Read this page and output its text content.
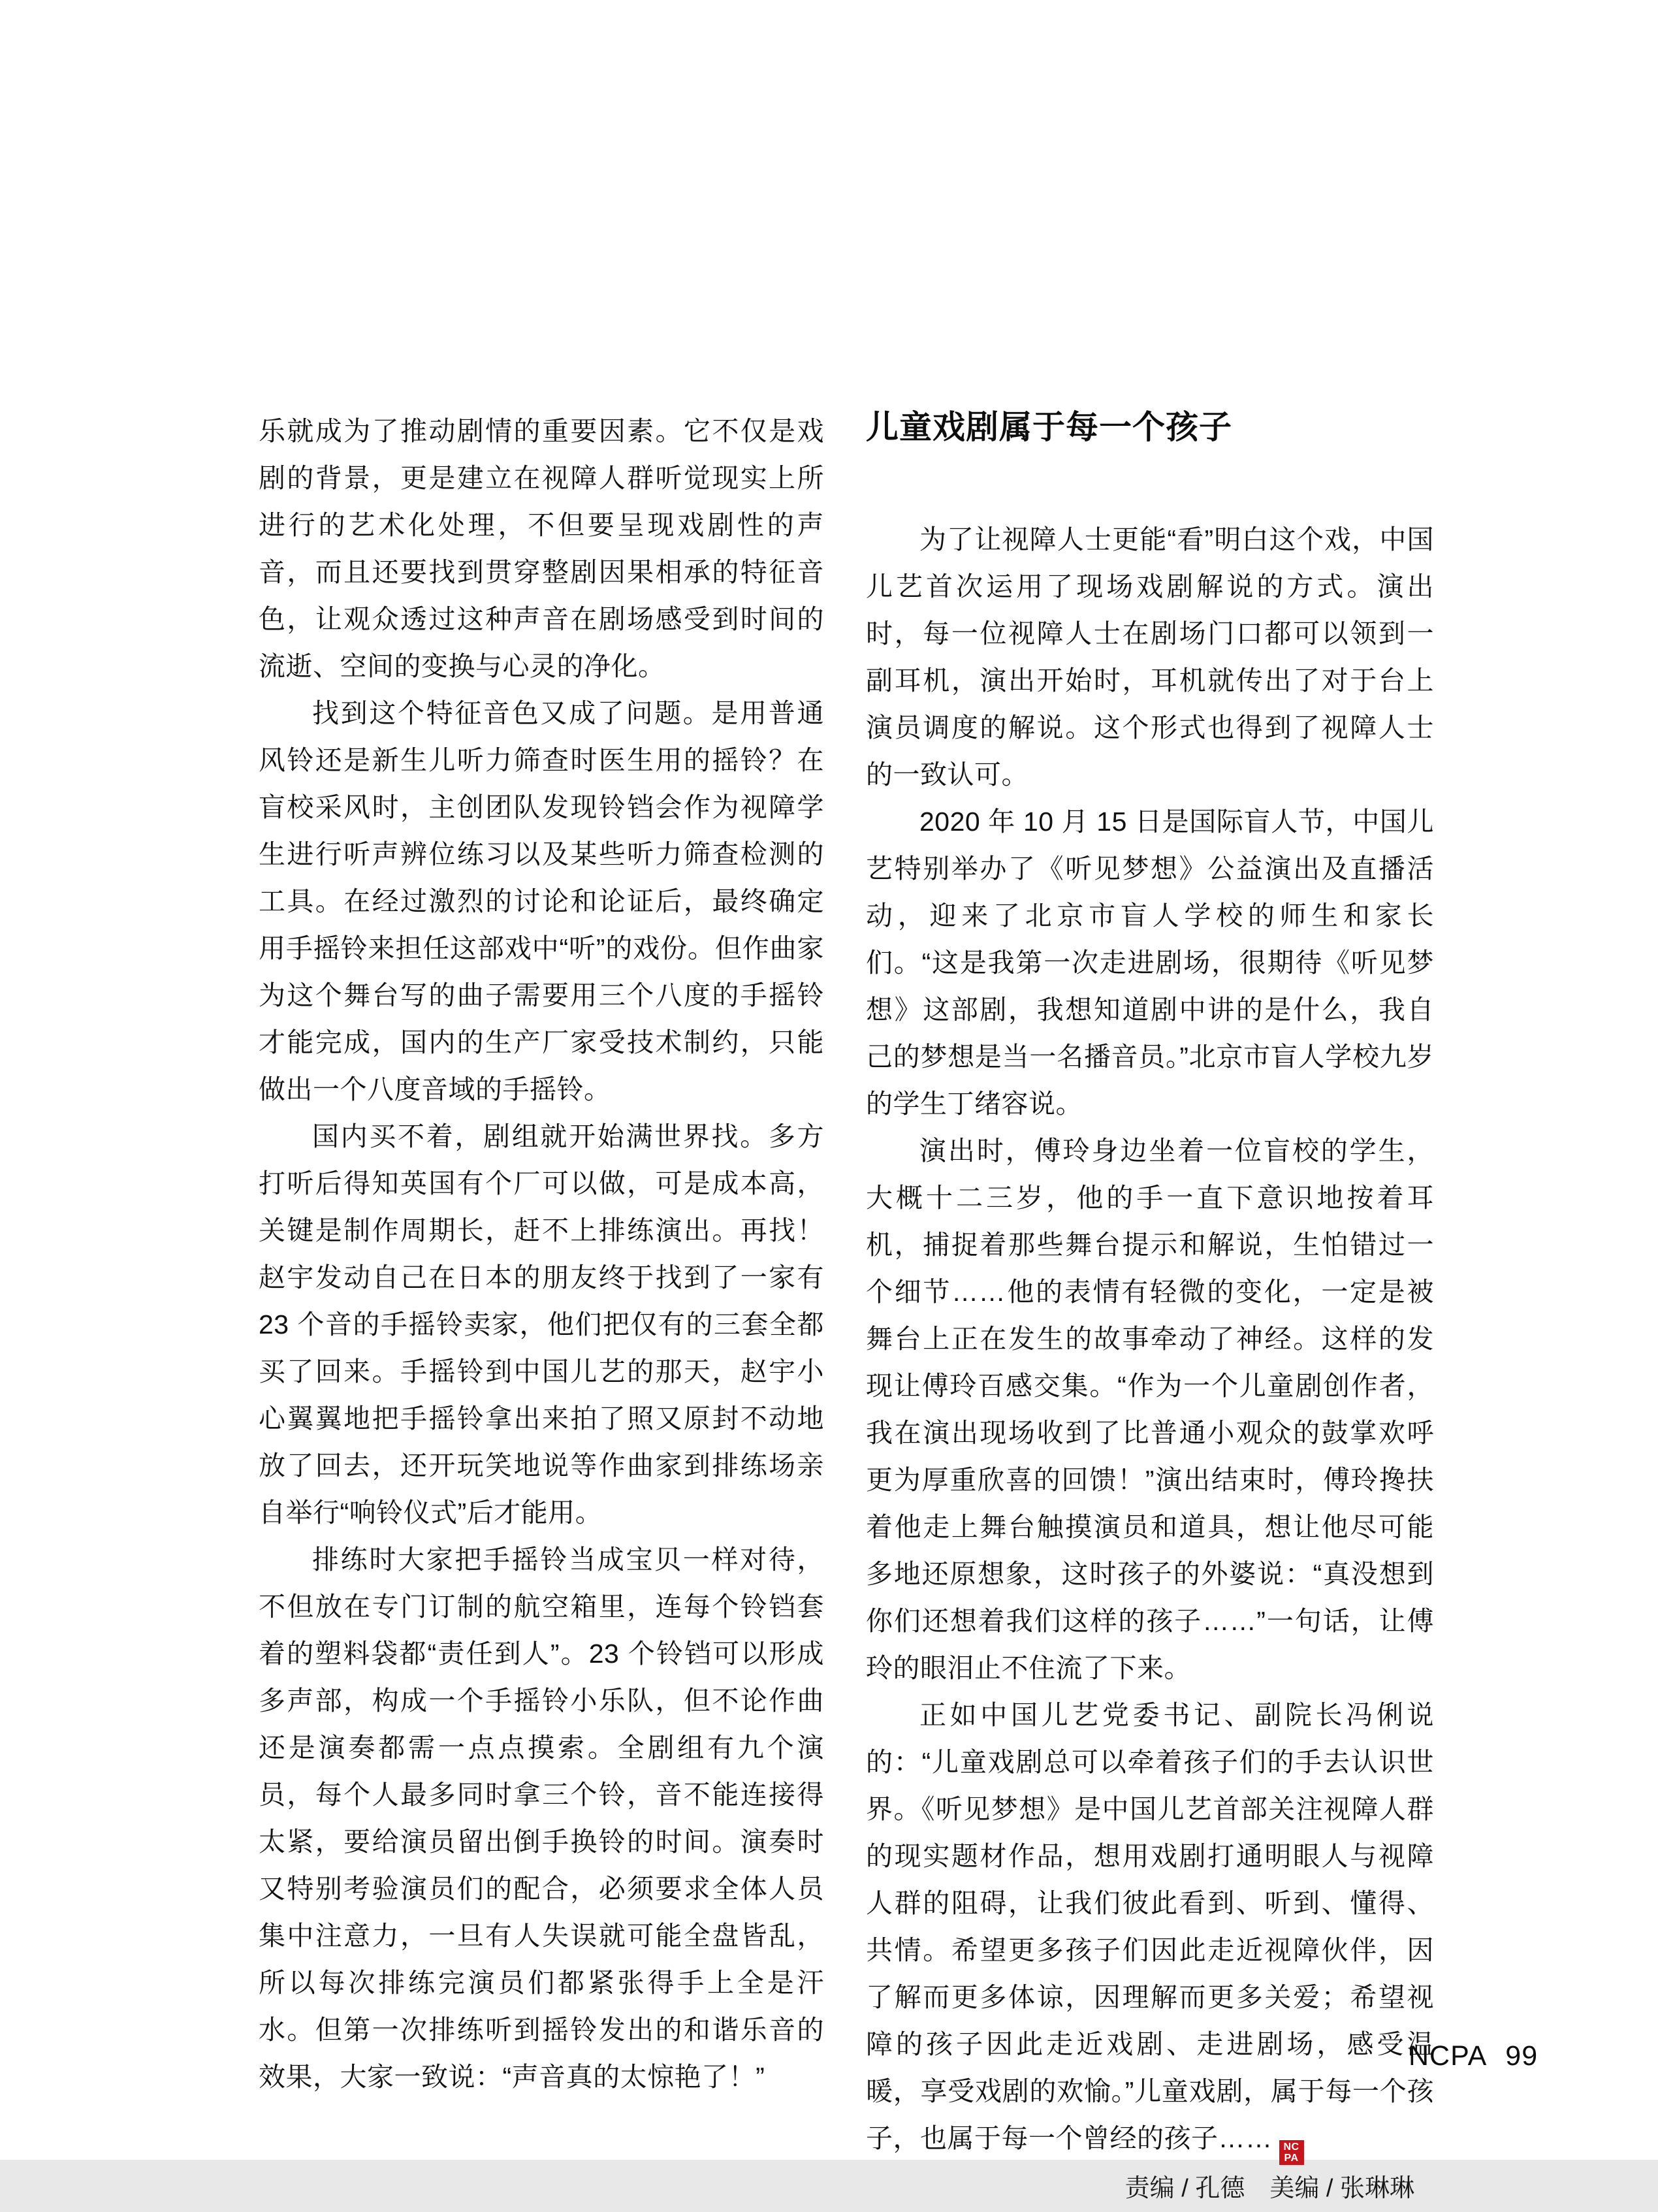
乐就成为了推动剧情的重要因素。它不仅是戏剧的背景，更是建立在视障人群听觉现实上所进行的艺术化处理，不但要呈现戏剧性的声音，而且还要找到贯穿整剧因果相承的特征音色，让观众透过这种声音在剧场感受到时间的流逝、空间的变换与心灵的净化。

找到这个特征音色又成了问题。是用普通风铃还是新生儿听力筛查时医生用的摇铃？在盲校采风时，主创团队发现铃铛会作为视障学生进行听声辨位练习以及某些听力筛查检测的工具。在经过激烈的讨论和论证后，最终确定用手摇铃来担任这部戏中“听”的戏份。但作曲家为这个舞台写的曲子需要用三个八度的手摇铃才能完成，国内的生产厂家受技术制约，只能做出一个八度音域的手摇铃。

国内买不着，剧组就开始满世界找。多方打听后得知英国有个厂可以做，可是成本高，关键是制作周期长，赶不上排练演出。再找！赵宇发动自己在日本的朋友终于找到了一家有 23 个音的手摇铃卖家，他们把仅有的三套全都买了回来。手摇铃到中国儿艺的那天，赵宇小心翼翼地把手摇铃拿出来拍了照又原封不动地放了回去，还开玩笑地说等作曲家到排练场亲自举行“响铃仪式”后才能用。

排练时大家把手摇铃当成宝贝一样对待，不但放在专门订制的航空箱里，连每个铃铛套着的塑料袋都“责任到人”。23 个铃铛可以形成多声部，构成一个手摇铃小乐队，但不论作曲还是演奏都需一点点摸索。全剧组有九个演员，每个人最多同时拿三个铃，音不能连接得太紧，要给演员留出倒手换铃的时间。演奏时又特别考验演员们的配合，必须要求全体人员集中注意力，一旦有人失误就可能全盘皆乱，所以每次排练完演员们都紧张得手上全是汗水。但第一次排练听到摇铃发出的和谐乐音的效果，大家一致说：“声音真的太惊艳了！”

儿童戏剧属于每一个孩子

为了让视障人士更能“看”明白这个戏，中国儿艺首次运用了现场戏剧解说的方式。演出时，每一位视障人士在剧场门口都可以领到一副耳机，演出开始时，耳机就传出了对于台上演员调度的解说。这个形式也得到了视障人士的一致认可。

2020 年 10 月 15 日是国际盲人节，中国儿艺特别举办了《听见梦想》公益演出及直播活动，迎来了北京市盲人学校的师生和家长们。“这是我第一次走进剧场，很期待《听见梦想》这部剧，我想知道剧中讲的是什么，我自己的梦想是当一名播音员。”北京市盲人学校九岁的学生丁绪容说。

演出时，傅玲身边坐着一位盲校的学生，大概十二三岁，他的手一直下意识地按着耳机，捕捉着那些舞台提示和解说，生怕错过一个细节……他的表情有轻微的变化，一定是被舞台上正在发生的故事牵动了神经。这样的发现让傅玲百感交集。“作为一个儿童剧创作者，我在演出现场收到了比普通小观众的鼓掌欢呼更为厚重欣喜的回馈！”演出结束时，傅玲搀扶着他走上舞台触摸演员和道具，想让他尽可能多地还原想象，这时孩子的外婆说：“真没想到你们还想着我们这样的孩子……”一句话，让傅玲的眼泪止不住流了下来。

正如中国儿艺党委书记、副院长冯俐说的：“儿童戏剧总可以牵着孩子们的手去认识世界。《听见梦想》是中国儿艺首部关注视障人群的现实题材作品，想用戏剧打通明眼人与视障人群的阻碍，让我们彼此看到、听到、懂得、共情。希望更多孩子们因此走近视障伙伴，因了解而更多体谅，因理解而更多关爱；希望视障的孩子因此走近戏剧、走进剧场，感受温暖，享受戏剧的欢愉。”儿童戏剧，属于每一个孩子，也属于每一个曾经的孩子…… NC
PA

责编 / 孔德　美编 / 张琳琳

NCPA 99
